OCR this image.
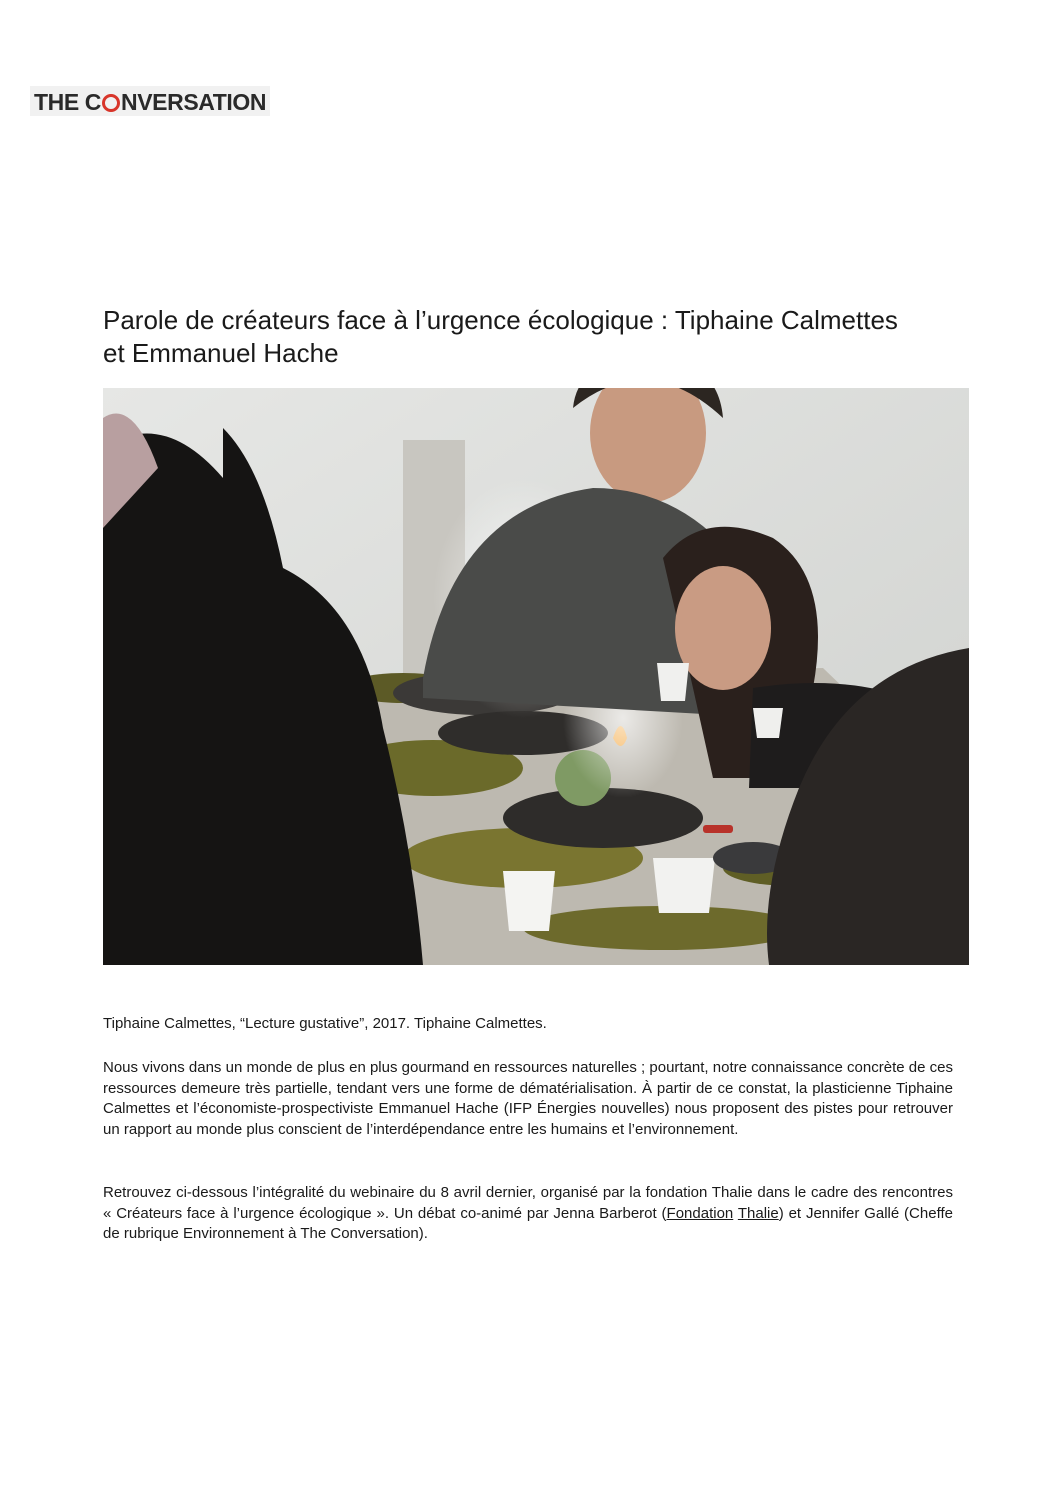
THE C NVERSATION
Parole de créateurs face à l’urgence écologique : Tiphaine Calmettes et Emmanuel Hache

Tiphaine Calmettes, “Lecture gustative”, 2017. Tiphaine Calmettes.

Nous vivons dans un monde de plus en plus gourmand en ressources naturelles ; pourtant, notre connaissance concrète de ces ressources demeure très partielle, tendant vers une forme de dématérialisation. À partir de ce constat, la plasticienne Tiphaine Calmettes et l’économiste-prospectiviste Emmanuel Hache (IFP Énergies nouvelles) nous proposent des pistes pour retrouver un rapport au monde plus conscient de l’interdépendance entre les humains et l’environnement.

Retrouvez ci-dessous l’intégralité du webinaire du 8 avril dernier, organisé par la fondation Thalie dans le cadre des rencontres « Créateurs face à l’urgence écologique ». Un débat co-animé par Jenna Barberot (Fondation Thalie) et Jennifer Gallé (Cheffe de rubrique Environnement à The Conversation).
